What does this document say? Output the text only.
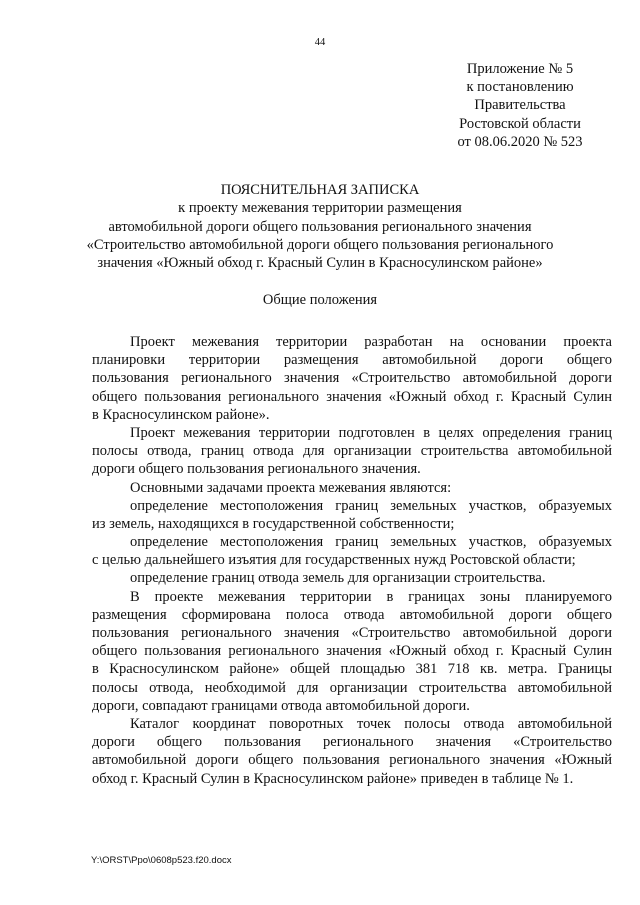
44
Приложение № 5
к постановлению
Правительства
Ростовской области
от 08.06.2020 № 523
ПОЯСНИТЕЛЬНАЯ ЗАПИСКА
к проекту межевания территории размещения
автомобильной дороги общего пользования регионального значения
«Строительство автомобильной дороги общего пользования регионального
значения «Южный обход г. Красный Сулин в Красносулинском районе»
Общие положения
Проект межевания территории разработан на основании проекта
планировки территории размещения автомобильной дороги общего
пользования регионального значения «Строительство автомобильной дороги
общего пользования регионального значения «Южный обход г. Красный Сулин
в Красносулинском районе».
Проект межевания территории подготовлен в целях определения границ
полосы отвода, границ отвода для организации строительства автомобильной
дороги общего пользования регионального значения.
Основными задачами проекта межевания являются:
определение местоположения границ земельных участков, образуемых
из земель, находящихся в государственной собственности;
определение местоположения границ земельных участков, образуемых
с целью дальнейшего изъятия для государственных нужд Ростовской области;
определение границ отвода земель для организации строительства.
В проекте межевания территории в границах зоны планируемого
размещения сформирована полоса отвода автомобильной дороги общего
пользования регионального значения «Строительство автомобильной дороги
общего пользования регионального значения «Южный обход г. Красный Сулин
в Красносулинском районе» общей площадью 381 718 кв. метра. Границы
полосы отвода, необходимой для организации строительства автомобильной
дороги, совпадают границами отвода автомобильной дороги.
Каталог координат поворотных точек полосы отвода автомобильной
дороги общего пользования регионального значения «Строительство
автомобильной дороги общего пользования регионального значения «Южный
обход г. Красный Сулин в Красносулинском районе» приведен в таблице № 1.
Y:\ORST\Ppo\0608p523.f20.docx
